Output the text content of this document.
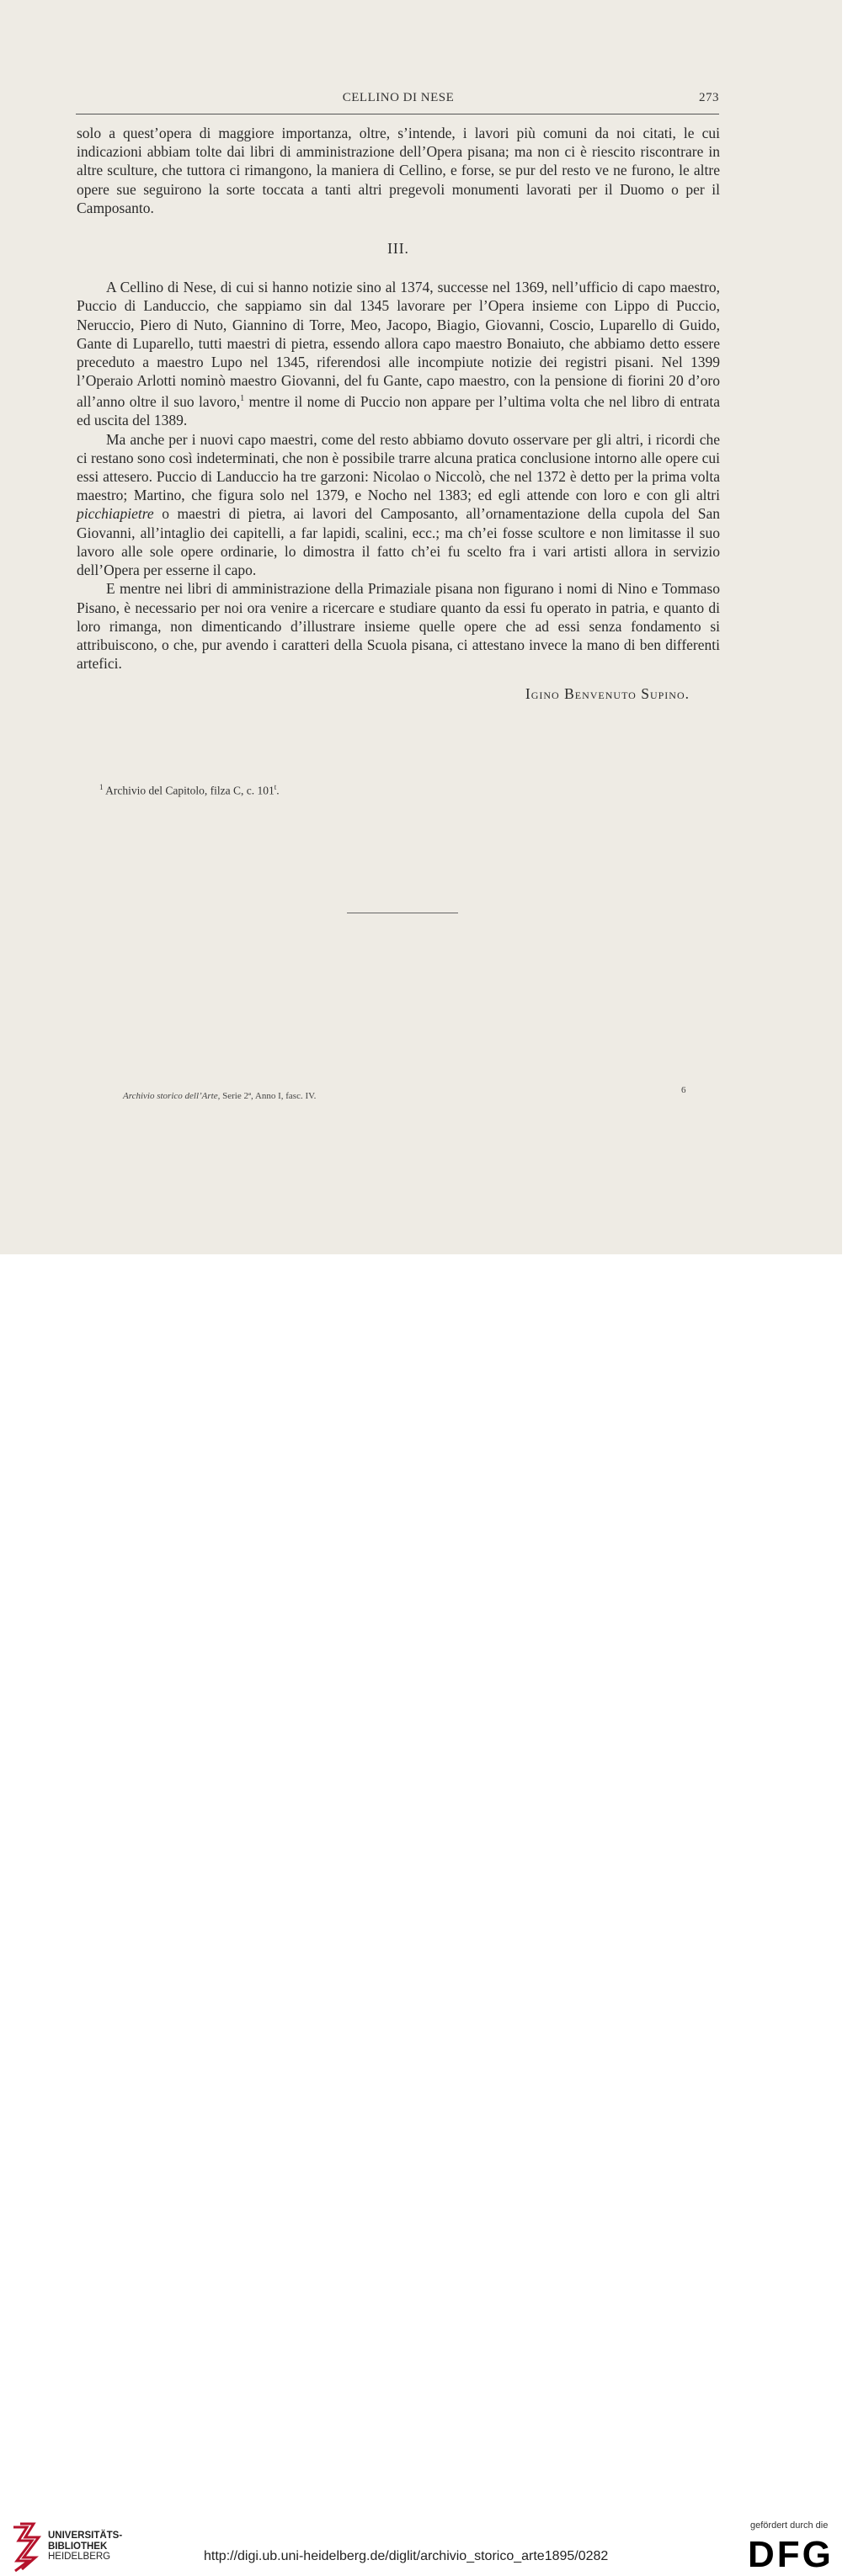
CELLINO DI NESE	273

solo a quest’opera di maggiore importanza, oltre, s’intende, i lavori più comuni da noi citati, le cui indicazioni abbiam tolte dai libri di amministrazione dell’Opera pisana; ma non ci è riescito riscontrare in altre sculture, che tuttora ci rimangono, la maniera di Cellino, e forse, se pur del resto ve ne furono, le altre opere sue seguirono la sorte toccata a tanti altri pregevoli monumenti lavorati per il Duomo o per il Camposanto.

III.

A Cellino di Nese, di cui si hanno notizie sino al 1374, successe nel 1369, nell’ufficio di capo maestro, Puccio di Landuccio, che sappiamo sin dal 1345 lavorare per l’Opera insieme con Lippo di Puccio, Neruccio, Piero di Nuto, Giannino di Torre, Meo, Jacopo, Biagio, Giovanni, Coscio, Luparello di Guido, Gante di Luparello, tutti maestri di pietra, essendo allora capo maestro Bonaiuto, che abbiamo detto essere preceduto a maestro Lupo nel 1345, riferendosi alle incompiute notizie dei registri pisani. Nel 1399 l’Operaio Arlotti nominò maestro Giovanni, del fu Gante, capo maestro, con la pensione di fiorini 20 d’oro all’anno oltre il suo lavoro,$^1$ mentre il nome di Puccio non appare per l’ultima volta che nel libro di entrata ed uscita del 1389.

Ma anche per i nuovi capo maestri, come del resto abbiamo dovuto osservare per gli altri, i ricordi che ci restano sono così indeterminati, che non è possibile trarre alcuna pratica conclusione intorno alle opere cui essi attesero. Puccio di Landuccio ha tre garzoni: Nicolao o Niccolò, che nel 1372 è detto per la prima volta maestro; Martino, che figura solo nel 1379, e Nocho nel 1383; ed egli attende con loro e con gli altri picchiapietre o maestri di pietra, ai lavori del Camposanto, all’ornamentazione della cupola del San Giovanni, all’intaglio dei capitelli, a far lapidi, scalini, ecc.; ma ch’ei fosse scultore e non limitasse il suo lavoro alle sole opere ordinarie, lo dimostra il fatto ch’ei fu scelto fra i vari artisti allora in servizio dell’Opera per esserne il capo.

E mentre nei libri di amministrazione della Primaziale pisana non figurano i nomi di Nino e Tommaso Pisano, è necessario per noi ora venire a ricercare e studiare quanto da essi fu operato in patria, e quanto di loro rimanga, non dimenticando d’illustrare insieme quelle opere che ad essi senza fondamento si attribuiscono, o che, pur avendo i caratteri della Scuola pisana, ci attestano invece la mano di ben differenti artefici.

Igino Benvenuto Supino.

$^1$ Archivio del Capitolo, filza C, c. 101$^t$.
Archivio storico dell’Arte, Serie 2ª, Anno I, fasc. IV.
6
UNIVERSITÄTS-
BIBLIOTHEK
HEIDELBERG	http://digi.ub.uni-heidelberg.de/diglit/archivio_storico_arte1895/0282
gefördert durch die
DFG
